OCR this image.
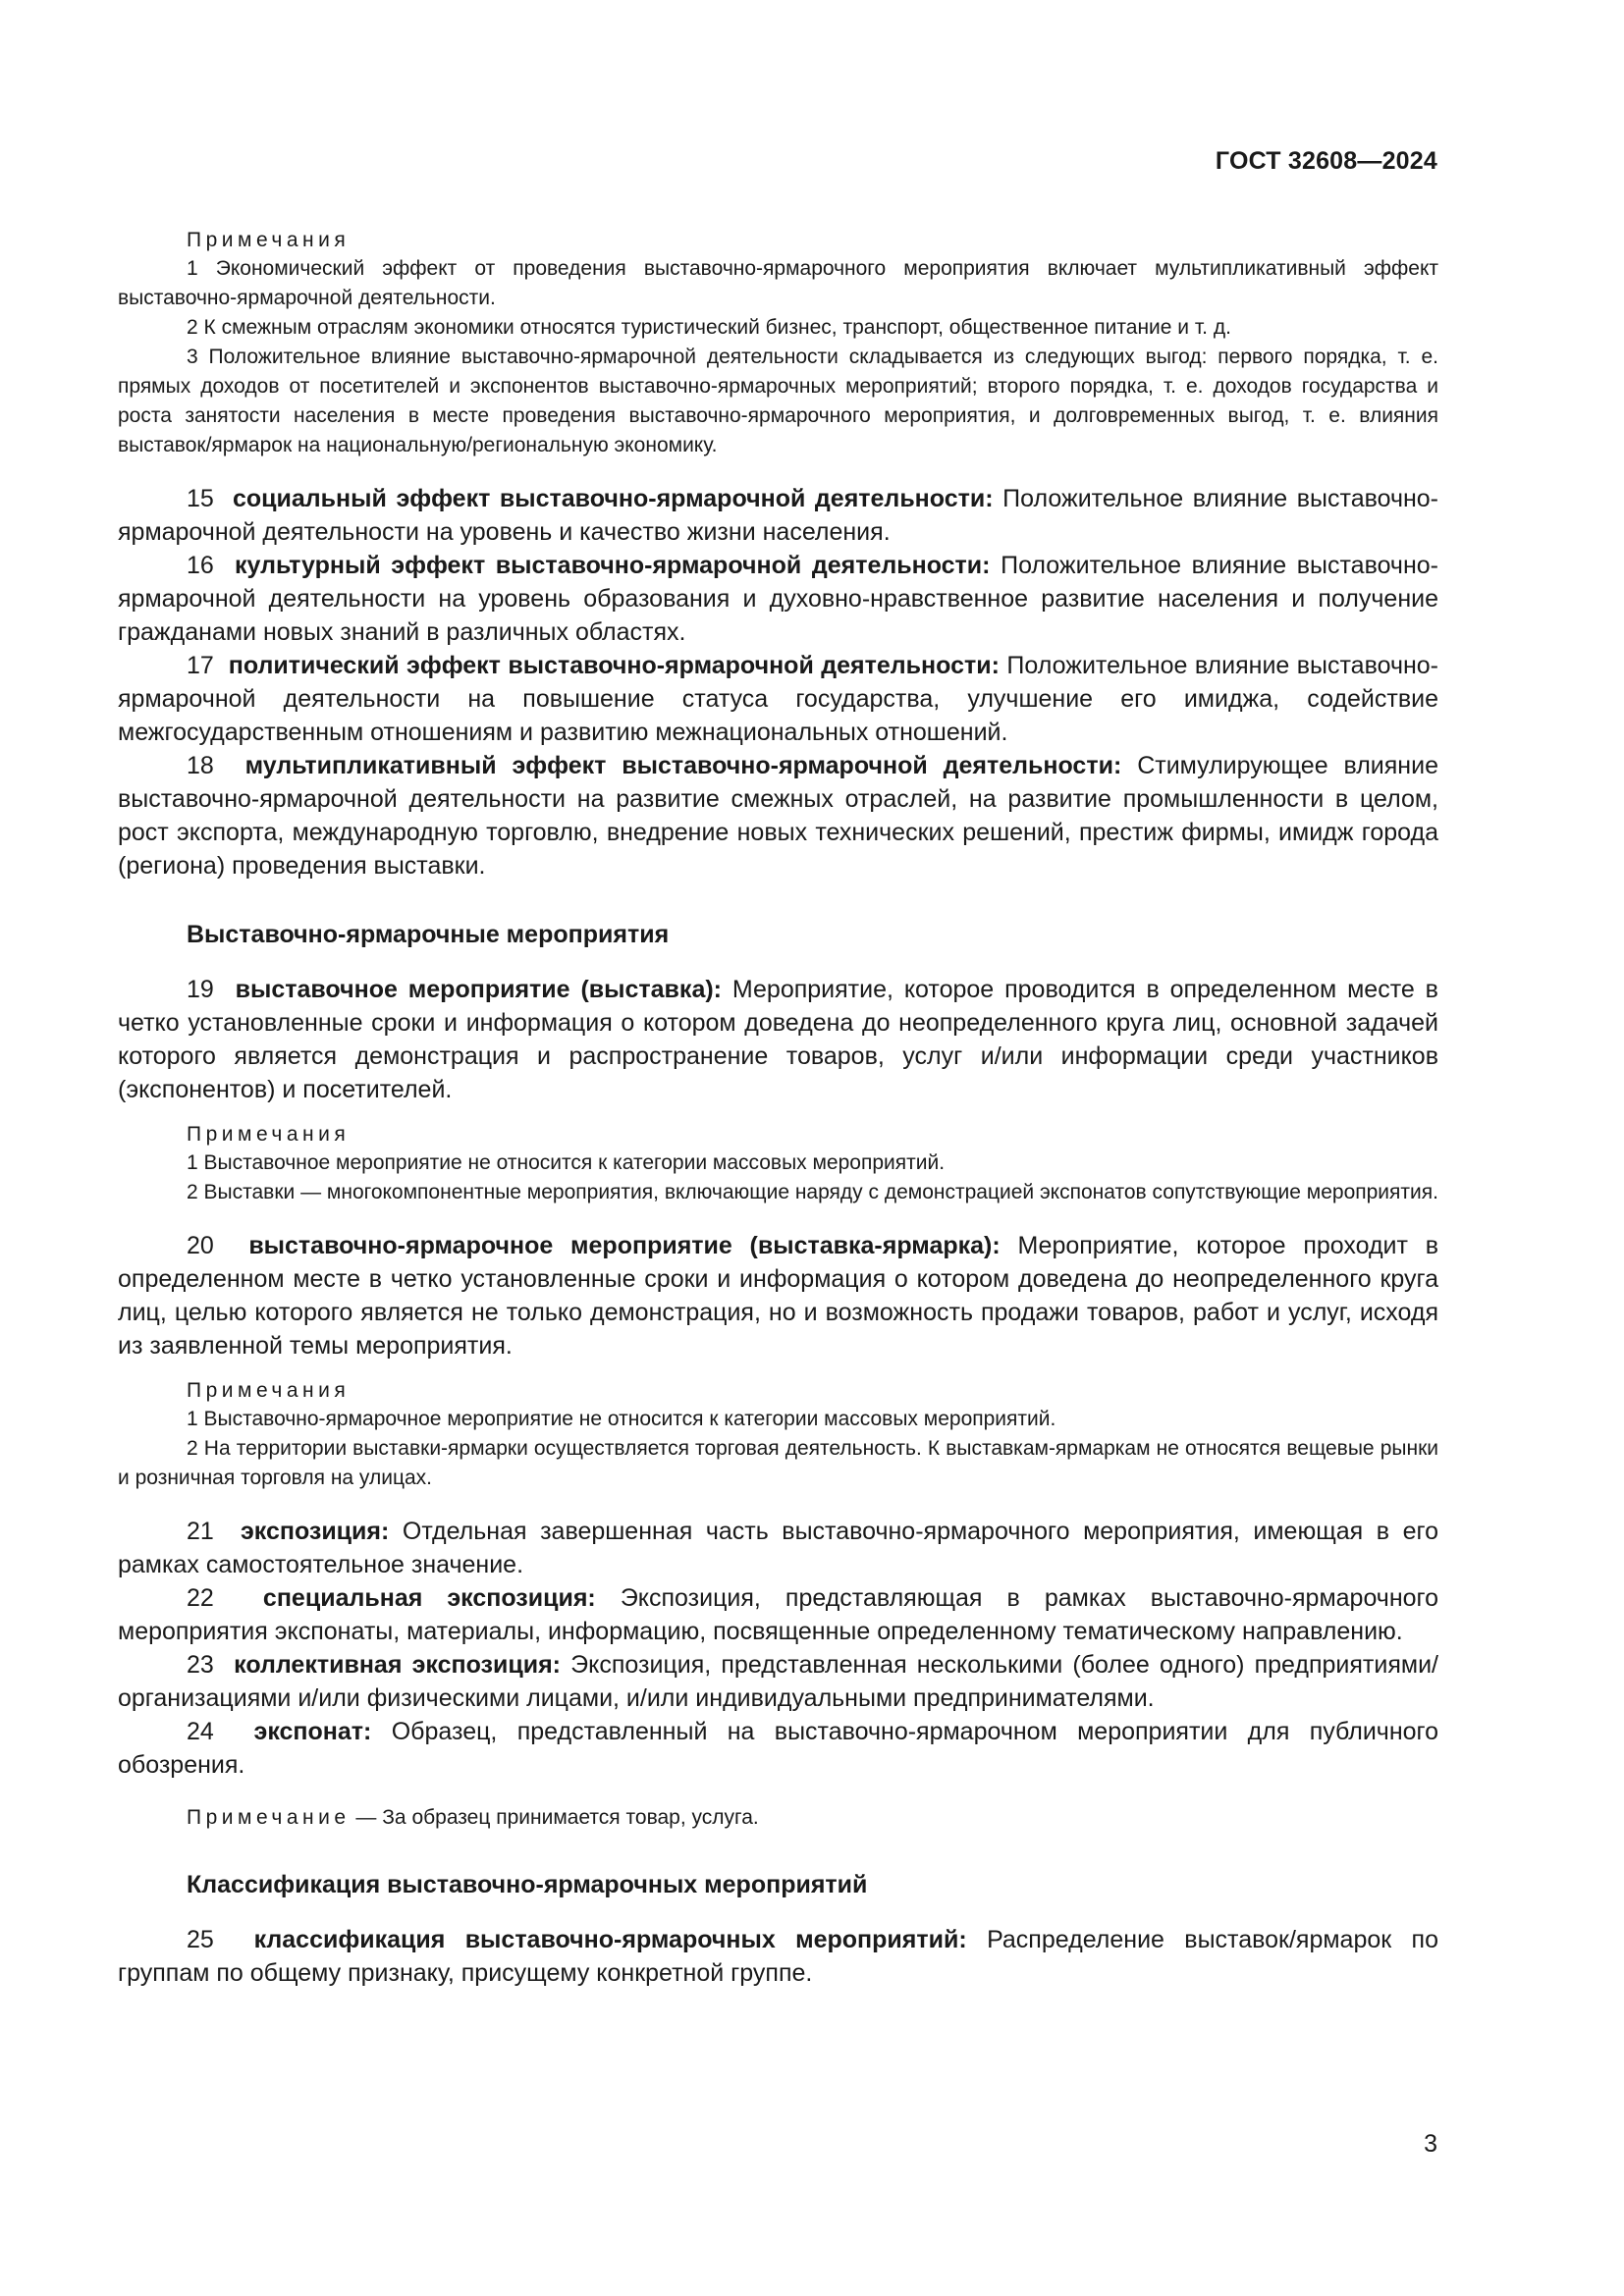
ГОСТ 32608—2024

Примечания

1 Экономический эффект от проведения выставочно-ярмарочного мероприятия включает мультипликативный эффект выставочно-ярмарочной деятельности.

2 К смежным отраслям экономики относятся туристический бизнес, транспорт, общественное питание и т. д.

3 Положительное влияние выставочно-ярмарочной деятельности складывается из следующих выгод: первого порядка, т. е. прямых доходов от посетителей и экспонентов выставочно-ярмарочных мероприятий; второго порядка, т. е. доходов государства и роста занятости населения в месте проведения выставочно-ярмарочного мероприятия, и долговременных выгод, т. е. влияния выставок/ярмарок на национальную/региональную экономику.

15 социальный эффект выставочно-ярмарочной деятельности: Положительное влияние выставочно-ярмарочной деятельности на уровень и качество жизни населения.

16 культурный эффект выставочно-ярмарочной деятельности: Положительное влияние выставочно-ярмарочной деятельности на уровень образования и духовно-нравственное развитие населения и получение гражданами новых знаний в различных областях.

17 политический эффект выставочно-ярмарочной деятельности: Положительное влияние выставочно-ярмарочной деятельности на повышение статуса государства, улучшение его имиджа, содействие межгосударственным отношениям и развитию межнациональных отношений.

18 мультипликативный эффект выставочно-ярмарочной деятельности: Стимулирующее влияние выставочно-ярмарочной деятельности на развитие смежных отраслей, на развитие промышленности в целом, рост экспорта, международную торговлю, внедрение новых технических решений, престиж фирмы, имидж города (региона) проведения выставки.

Выставочно-ярмарочные мероприятия

19 выставочное мероприятие (выставка): Мероприятие, которое проводится в определенном месте в четко установленные сроки и информация о котором доведена до неопределенного круга лиц, основной задачей которого является демонстрация и распространение товаров, услуг и/или информации среди участников (экспонентов) и посетителей.

Примечания

1 Выставочное мероприятие не относится к категории массовых мероприятий.

2 Выставки — многокомпонентные мероприятия, включающие наряду с демонстрацией экспонатов сопутствующие мероприятия.

20 выставочно-ярмарочное мероприятие (выставка-ярмарка): Мероприятие, которое проходит в определенном месте в четко установленные сроки и информация о котором доведена до неопределенного круга лиц, целью которого является не только демонстрация, но и возможность продажи товаров, работ и услуг, исходя из заявленной темы мероприятия.

Примечания

1 Выставочно-ярмарочное мероприятие не относится к категории массовых мероприятий.

2 На территории выставки-ярмарки осуществляется торговая деятельность. К выставкам-ярмаркам не относятся вещевые рынки и розничная торговля на улицах.

21 экспозиция: Отдельная завершенная часть выставочно-ярмарочного мероприятия, имеющая в его рамках самостоятельное значение.

22 специальная экспозиция: Экспозиция, представляющая в рамках выставочно-ярмарочного мероприятия экспонаты, материалы, информацию, посвященные определенному тематическому направлению.

23 коллективная экспозиция: Экспозиция, представленная несколькими (более одного) предприятиями/организациями и/или физическими лицами, и/или индивидуальными предпринимателями.

24 экспонат: Образец, представленный на выставочно-ярмарочном мероприятии для публичного обозрения.

Примечание — За образец принимается товар, услуга.

Классификация выставочно-ярмарочных мероприятий

25 классификация выставочно-ярмарочных мероприятий: Распределение выставок/ярмарок по группам по общему признаку, присущему конкретной группе.

3
